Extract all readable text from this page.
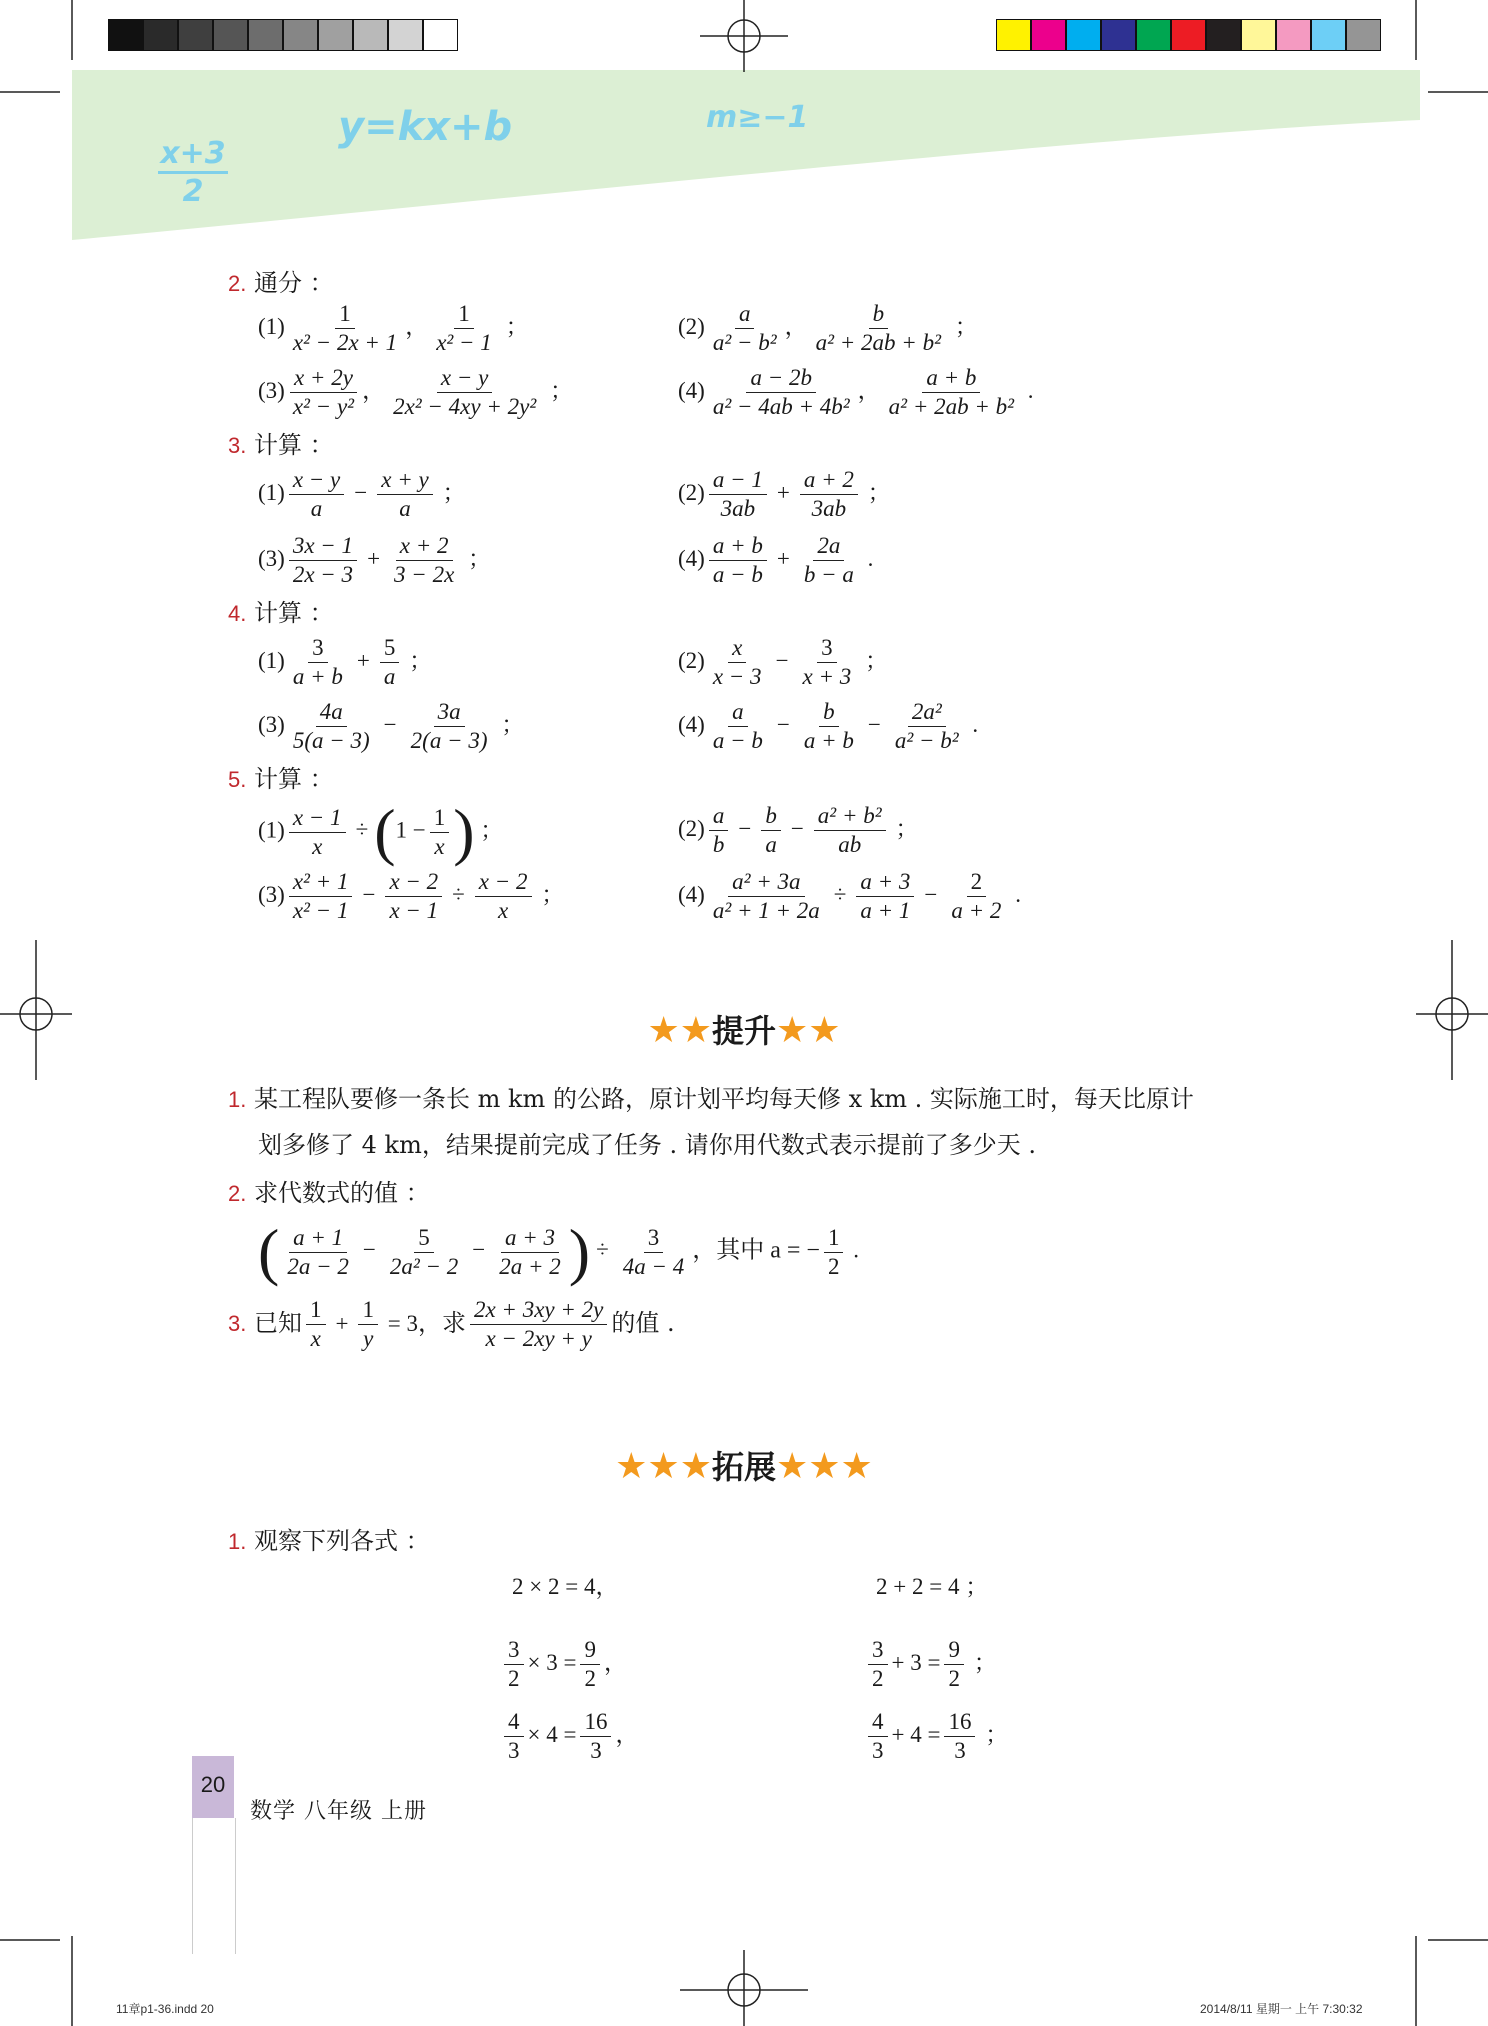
x+3
2
y=kx+b	m≥−1
2. 通分 ：
$(1) \frac{1}{\text{x² − 2x + 1}}$ ， $\frac{1}{\text{x² − 1}}$ ；	$(2) \frac{a}{\text{a² − b²}}$ ， $\frac{b}{\text{a² + 2ab + b²}}$ ；
$(3) \frac{x + 2y}{\text{x² − y²}}$ ， $\frac{x - y}{\text{2x² − 4xy + 2y²}}$ ；	$(4) \frac{a - 2b}{\text{a² − 4ab + 4b²}}$ ， $\frac{a + b}{\text{a² + 2ab + b²}}$ .
3. 计算 ：
$(1) \frac{x - y}{a} - \frac{x + y}{a}$ ；	$(2) \frac{a - 1}{3ab} + \frac{a + 2}{3ab}$ ；
$(3) \frac{3x - 1}{2x - 3} + \frac{x + 2}{3 - 2x}$ ；	$(4) \frac{a + b}{a - b} + \frac{2a}{b - a}$ .
4. 计算 ：
$(1) \frac{3}{a + b} + \frac{5}{a}$ ；	$(2) \frac{x}{x - 3} - \frac{3}{x + 3}$ ；
$(3) \frac{4a}{5(a - 3)} - \frac{3a}{2(a - 3)}$ ；	$(4) \frac{a}{a - b} - \frac{b}{a + b} - \frac{\text{2a²}}{\text{a² − b²}}$ .
5. 计算 ：
$(1) \frac{x - 1}{x} \div(1 - \frac{1}{x}$ ) ；	$(2) \frac{a}{b} - \frac{b}{a} - \frac{\text{a² + b²}}{ab}$ ；
$(3) \frac{\text{x² + 1}}{\text{x² − 1}} - \frac{x - 2}{x - 1} \div \frac{x - 2}{x}$ ；	$(4) \frac{\text{a² + 3a}}{\text{a² + 1 + 2a}} \div \frac{a + 3}{a + 1} - \frac{2}{a + 2}$ .
★★提升★★
1. 某工程队要修一条长 m km 的公路，原计划平均每天修 x km . 实际施工时，每天比原计
划多修了 4 km，结果提前完成了任务 . 请你用代数式表示提前了多少天 .
2. 求代数式的值 ：
( $\frac{a + 1}{2a - 2} - \frac{5}{\text{2a² − 2}} - \frac{a + 3}{2a + 2}$ ) ÷ $\frac{3}{4a - 4}$ ，其中 a = − $\frac{1}{2}$ .
3. 已知 $\frac{1}{x} + \frac{1}{y} = 3$，求 $\frac{2x + 3xy + 2y}{x - 2xy + y}$ 的值 .
★★★拓展★★★
1. 观察下列各式 ：
2 × 2 = 4，	2 + 2 = 4 ；
$\frac{3}{2} \times 3 = \frac{9}{2}$ ，	$\frac{3}{2} + 3 = \frac{9}{2}$ ；
$\frac{4}{3} \times 4 = \frac{16}{3}$ ，	$\frac{4}{3} + 4 = \frac{16}{3}$ ；
20
数学 八年级 上册
11章p1-36.indd 20	2014/8/11 星期一 上午 7:30:32
